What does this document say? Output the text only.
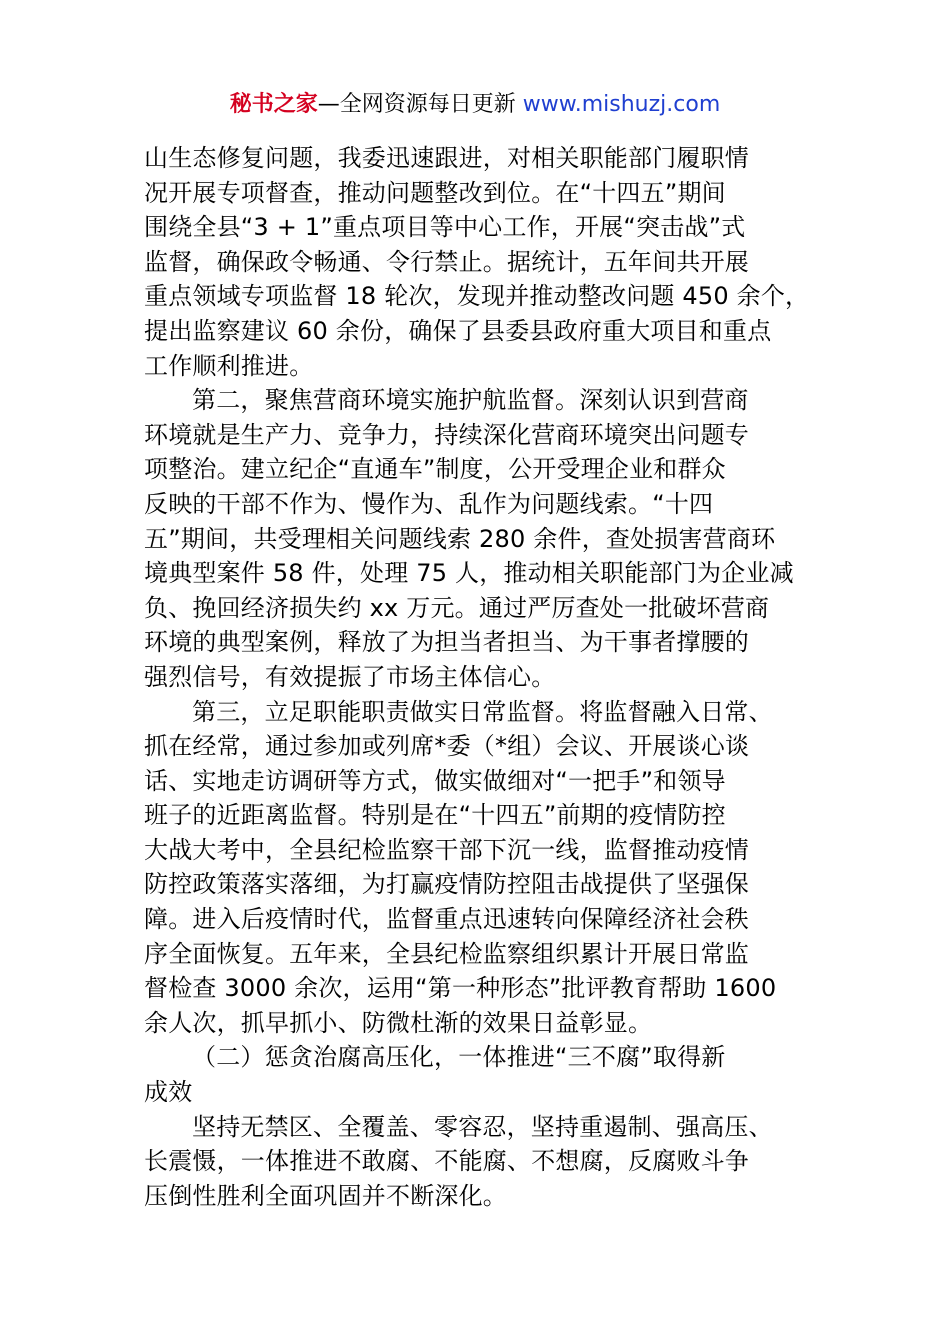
秘书之家—全网资源每日更新 www.mishuzj.com
山生态修复问题，我委迅速跟进，对相关职能部门履职情
况开展专项督查，推动问题整改到位。在“十四五”期间
围绕全县“3 + 1”重点项目等中心工作，开展“突击战”式
监督，确保政令畅通、令行禁止。据统计，五年间共开展
重点领域专项监督 18 轮次，发现并推动整改问题 450 余个，
提出监察建议 60 余份，确保了县委县政府重大项目和重点
工作顺利推进。
第二，聚焦营商环境实施护航监督。深刻认识到营商
环境就是生产力、竞争力，持续深化营商环境突出问题专
项整治。建立纪企“直通车”制度，公开受理企业和群众
反映的干部不作为、慢作为、乱作为问题线索。“十四
五”期间，共受理相关问题线索 280 余件，查处损害营商环
境典型案件 58 件，处理 75 人，推动相关职能部门为企业减
负、挽回经济损失约 xx 万元。通过严厉查处一批破坏营商
环境的典型案例，释放了为担当者担当、为干事者撑腰的
强烈信号，有效提振了市场主体信心。
第三，立足职能职责做实日常监督。将监督融入日常、
抓在经常，通过参加或列席*委（*组）会议、开展谈心谈
话、实地走访调研等方式，做实做细对“一把手”和领导
班子的近距离监督。特别是在“十四五”前期的疫情防控
大战大考中，全县纪检监察干部下沉一线，监督推动疫情
防控政策落实落细，为打赢疫情防控阻击战提供了坚强保
障。进入后疫情时代，监督重点迅速转向保障经济社会秩
序全面恢复。五年来，全县纪检监察组织累计开展日常监
督检查 3000 余次，运用“第一种形态”批评教育帮助 1600
余人次，抓早抓小、防微杜渐的效果日益彰显。
（二）惩贪治腐高压化，一体推进“三不腐”取得新
成效
坚持无禁区、全覆盖、零容忍，坚持重遏制、强高压、
长震慑，一体推进不敢腐、不能腐、不想腐，反腐败斗争
压倒性胜利全面巩固并不断深化。
